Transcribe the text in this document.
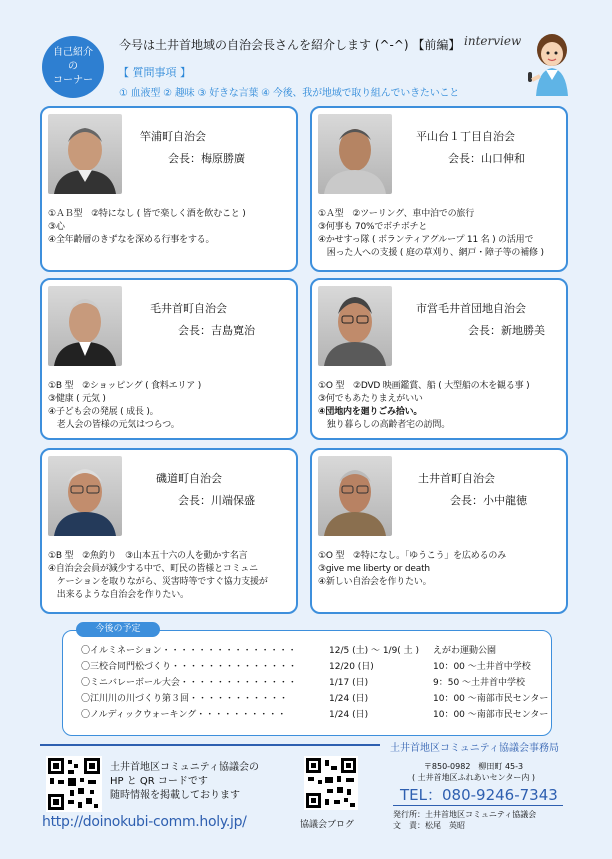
自己紹介
の
コーナー
今号は土井首地域の自治会長さんを紹介します (^-^) 【前編】
【 質問事項 】
① 血液型 ② 趣味 ③ 好きな言葉 ④ 今後、我が地域で取り組んでいきたいこと
interview
竿浦町自治会
会長：梅原勝廣
①ＡＢ型　②特になし ( 皆で楽しく酒を飲むこと )
③心
④全年齢層のきずなを深める行事をする。
平山台１丁目自治会
会長：山口伸和
①Ａ型　②ツーリング、車中泊での旅行
③何事も 70%でボチボチと
④かせすっ隊 ( ボランティアグループ 11 名 ) の活用で
　困った人への支援 ( 庭の草刈り、網戸・障子等の補修 )
毛井首町自治会
会長：吉島寛治
①B 型　②ショッピング ( 食料エリア )
③健康 ( 元気 )
④子ども会の発展 ( 成長 )。
　老人会の皆様の元気はつらつ。
市営毛井首団地自治会
会長：新地勝美
①O 型　②DVD 映画鑑賞、船 ( 大型船の木を観る事 )
③何でもあたりまえがいい
④団地内を廻りごみ拾い。
　独り暮らしの高齢者宅の訪問。
磯道町自治会
会長：川端保盛
①B 型　②魚釣り　③山本五十六の人を動かす名言
④自治会会員が減少する中で、町民の皆様とコミュニ
　ケーションを取りながら、災害時等ですぐ協力支援が
　出来るような自治会を作りたい。
土井首町自治会
会長：小中龍徳
①O 型　②特になし。「ゆうこう」を広めるのみ
③give me liberty or death
④新しい自治会を作りたい。
〇イルミネーション・・・・・・・・・・・・・・・
〇三校合同門松づくり・・・・・・・・・・・・・・
〇ミニバレーボール大会・・・・・・・・・・・・・
〇江川川の川づくり第３回・・・・・・・・・・・
〇ノルディックウォーキング・・・・・・・・・・
12/5 (土) ～ 1/9( 土 )
12/20 (日)
1/17 (日)
1/24 (日)
1/24 (日)
えがわ運動公園
10：00 ～土井首中学校
9：50 ～土井首中学校
10：00 ～南部市民センター
10：00 ～南部市民センター
今後の予定
土井首地区コミュニティ協議会事務局
土井首地区コミュニティ協議会の
HP と QR コードです
随時情報を掲載しております
http://doinokubi-comm.holy.jp/	協議会ブログ
〒850-0982　柳田町 45-3
( 土井首地区ふれあいセンター内 )
TEL：080-9246-7343
発行所：土井首地区コミュニティ協議会
文　責：松尾　英昭
